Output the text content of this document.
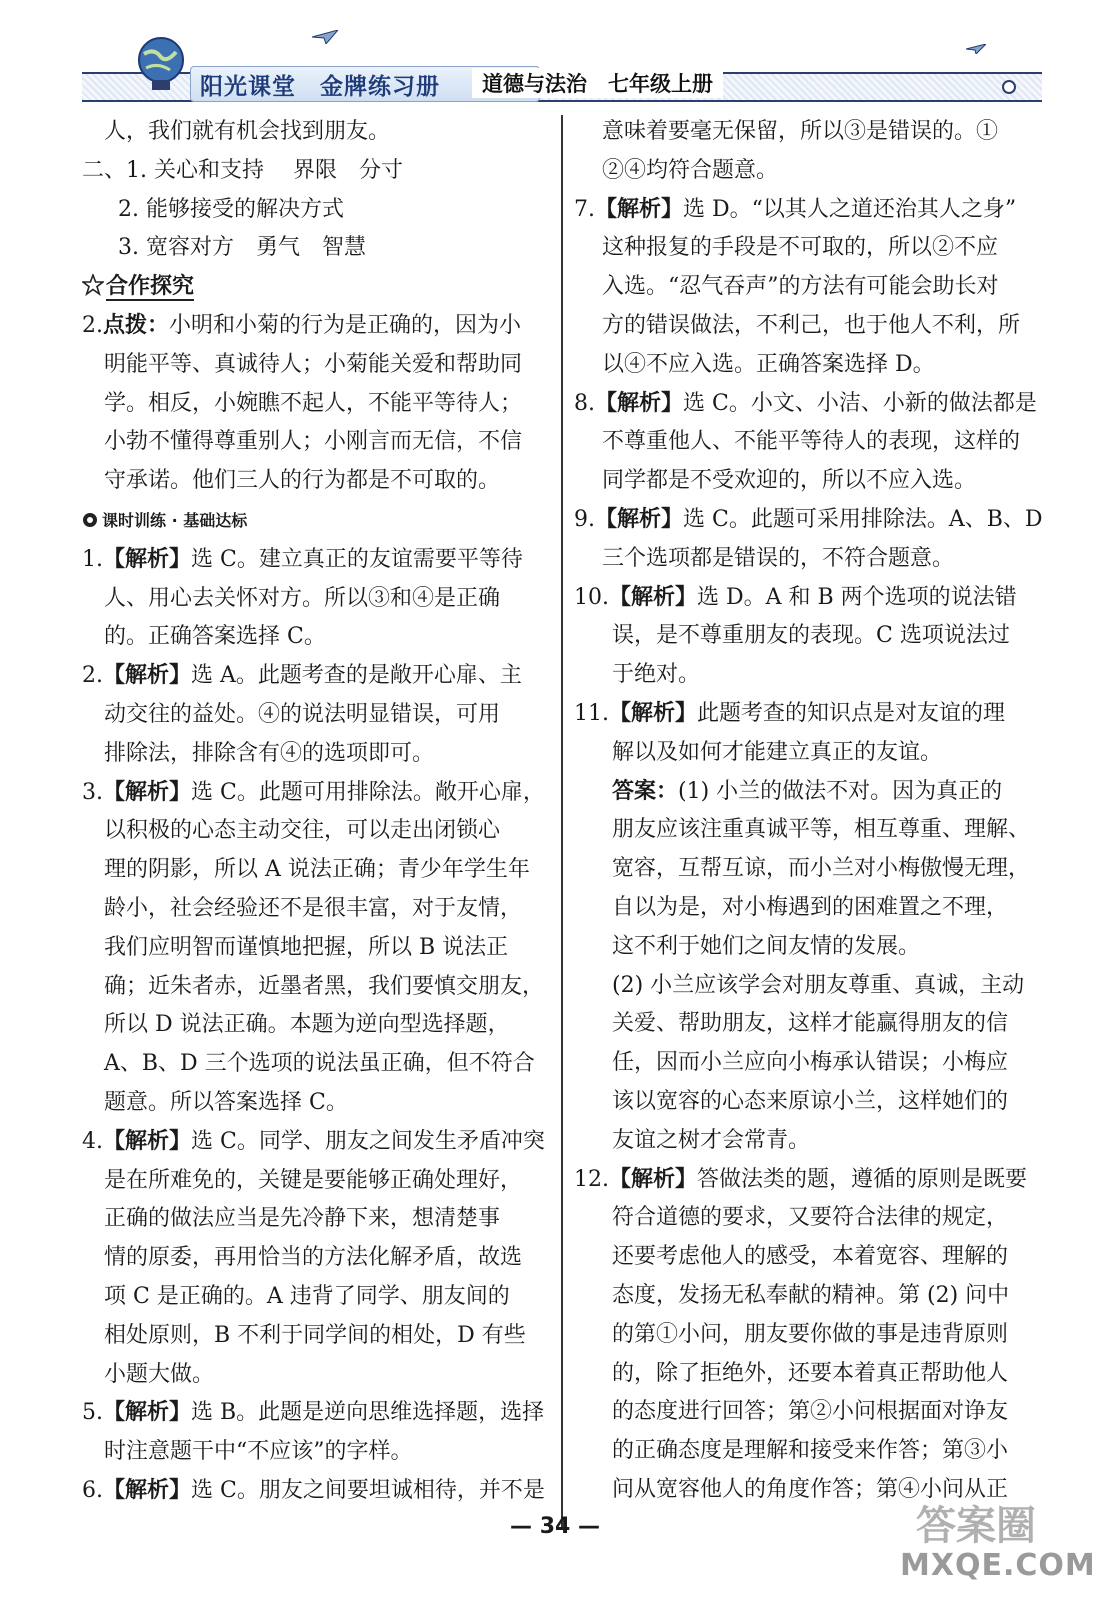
阳光课堂　金牌练习册	道德与法治　七年级上册
人，我们就有机会找到朋友。
二、1. 关心和支持　 界限　分寸
2. 能够接受的解决方式
3. 宽容对方　勇气　智慧
合作探究
2.点拨：小明和小菊的行为是正确的，因为小
明能平等、真诚待人；小菊能关爱和帮助同
学。相反，小婉瞧不起人，不能平等待人；
小勃不懂得尊重别人；小刚言而无信，不信
守承诺。他们三人的行为都是不可取的。
课时训练 · 基础达标
1.【解析】选 C。建立真正的友谊需要平等待
人、用心去关怀对方。所以③和④是正确
的。正确答案选择 C。
2.【解析】选 A。此题考查的是敞开心扉、主
动交往的益处。④的说法明显错误，可用
排除法，排除含有④的选项即可。
3.【解析】选 C。此题可用排除法。敞开心扉，
以积极的心态主动交往，可以走出闭锁心
理的阴影，所以 A 说法正确；青少年学生年
龄小，社会经验还不是很丰富，对于友情，
我们应明智而谨慎地把握，所以 B 说法正
确；近朱者赤，近墨者黑，我们要慎交朋友，
所以 D 说法正确。本题为逆向型选择题，
A、B、D 三个选项的说法虽正确，但不符合
题意。所以答案选择 C。
4.【解析】选 C。同学、朋友之间发生矛盾冲突
是在所难免的，关键是要能够正确处理好，
正确的做法应当是先冷静下来，想清楚事
情的原委，再用恰当的方法化解矛盾，故选
项 C 是正确的。A 违背了同学、朋友间的
相处原则，B 不利于同学间的相处，D 有些
小题大做。
5.【解析】选 B。此题是逆向思维选择题，选择
时注意题干中“不应该”的字样。
6.【解析】选 C。朋友之间要坦诚相待，并不是
意味着要毫无保留，所以③是错误的。①
②④均符合题意。
7.【解析】选 D。“以其人之道还治其人之身”
这种报复的手段是不可取的，所以②不应
入选。“忍气吞声”的方法有可能会助长对
方的错误做法，不利己，也于他人不利，所
以④不应入选。正确答案选择 D。
8.【解析】选 C。小文、小洁、小新的做法都是
不尊重他人、不能平等待人的表现，这样的
同学都是不受欢迎的，所以不应入选。
9.【解析】选 C。此题可采用排除法。A、B、D
三个选项都是错误的，不符合题意。
10.【解析】选 D。A 和 B 两个选项的说法错
误，是不尊重朋友的表现。C 选项说法过
于绝对。
11.【解析】此题考查的知识点是对友谊的理
解以及如何才能建立真正的友谊。
答案：(1) 小兰的做法不对。因为真正的
朋友应该注重真诚平等，相互尊重、理解、
宽容，互帮互谅，而小兰对小梅傲慢无理，
自以为是，对小梅遇到的困难置之不理，
这不利于她们之间友情的发展。
(2) 小兰应该学会对朋友尊重、真诚，主动
关爱、帮助朋友，这样才能赢得朋友的信
任，因而小兰应向小梅承认错误；小梅应
该以宽容的心态来原谅小兰，这样她们的
友谊之树才会常青。
12.【解析】答做法类的题，遵循的原则是既要
符合道德的要求，又要符合法律的规定，
还要考虑他人的感受，本着宽容、理解的
态度，发扬无私奉献的精神。第 (2) 问中
的第①小问，朋友要你做的事是违背原则
的，除了拒绝外，还要本着真正帮助他人
的态度进行回答；第②小问根据面对诤友
的正确态度是理解和接受来作答；第③小
问从宽容他人的角度作答；第④小问从正
— 34 —	答案圈
MXQE.COM
